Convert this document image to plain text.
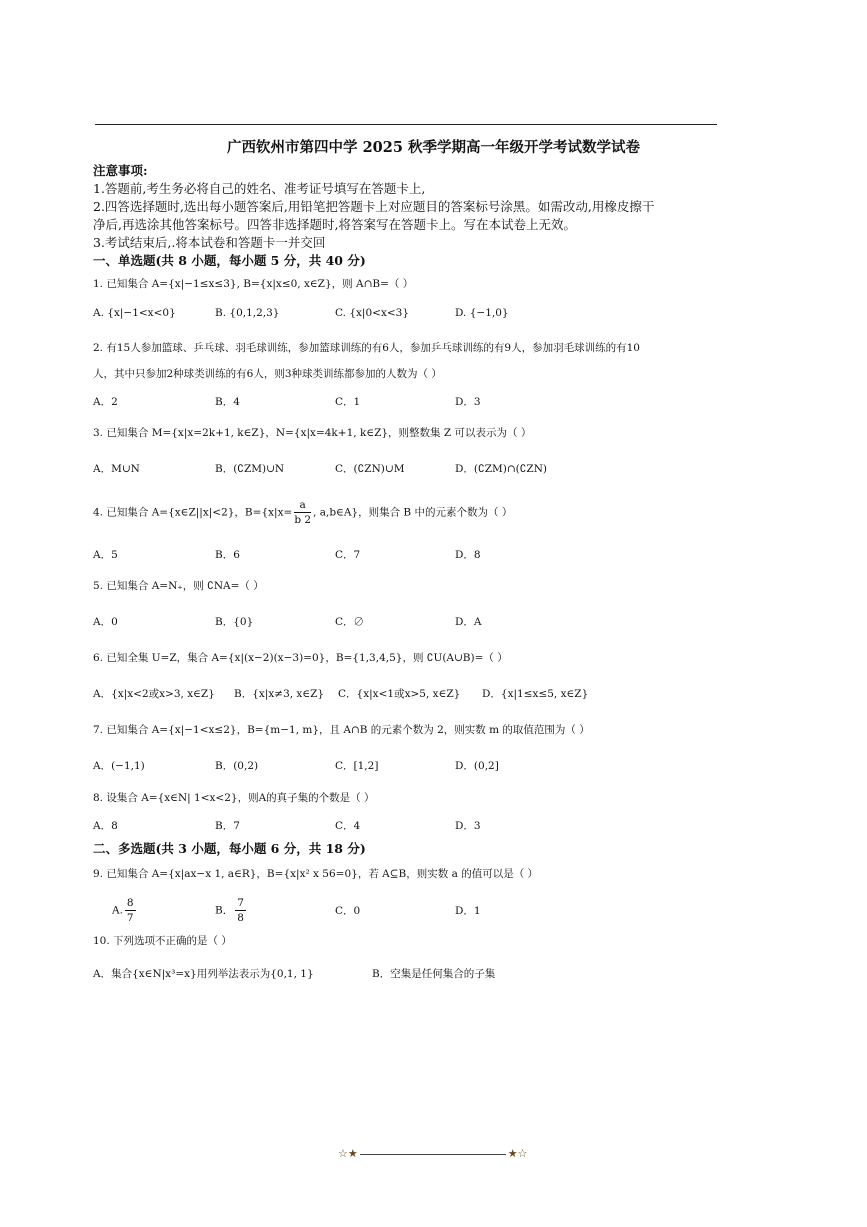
广西钦州市第四中学 2025 秋季学期高一年级开学考试数学试卷
注意事项:
1.答题前,考生务必将自己的姓名、准考证号填写在答题卡上,
2.四答选择题时,选出每小题答案后,用铅笔把答题卡上对应题目的答案标号涂黑。如需改动,用橡皮擦干
净后,再选涂其他答案标号。四答非选择题时,将答案写在答题卡上。写在本试卷上无效。
3.考试结束后,.将本试卷和答题卡一并交回
一、单选题(共 8 小题，每小题 5 分，共 40 分)
1. 已知集合 A={x|−1≤x≤3}, B={x|x≤0, x∈Z}，则 A∩B=（ ）
A. {x|−1<x<0}	B. {0,1,2,3}	C. {x|0<x<3}	D. {−1,0}
2. 有15人参加篮球、乒乓球、羽毛球训练，参加篮球训练的有6人，参加乒乓球训练的有9人，参加羽毛球训练的有10
人，其中只参加2种球类训练的有6人，则3种球类训练都参加的人数为（ ）
A．2	B．4	C．1	D．3
3. 已知集合 M={x|x=2k+1, k∈Z}，N={x|x=4k+1, k∈Z}，则整数集 Z 可以表示为（ ）
A．M∪N	B．(∁ZM)∪N	C．(∁ZN)∪M	D．(∁ZM)∩(∁ZN)
4. 已知集合 A={x∈Z||x|<2}，$B=\{x|x= \frac{a}{b 2}$ , a,b∈A}，则集合 B 中的元素个数为（ ）
A．5	B．6	C．7	D．8
5. 已知集合 A=N₊，则 ∁NA=（ ）
A．0	B．{0}	C．∅	D．A
6. 已知全集 U=Z，集合 A={x|(x−2)(x−3)=0}，B={1,3,4,5}，则 ∁U(A∪B)=（ ）
A．{x|x<2或x>3, x∈Z} B．{x|x≠3, x∈Z} C．{x|x<1或x>5, x∈Z} D．{x|1≤x≤5, x∈Z}
7. 已知集合 A={x|−1<x≤2}，B={m−1, m}，且 A∩B 的元素个数为 2，则实数 m 的取值范围为（ ）
A．(−1,1)	B．(0,2)	C．[1,2]	D．(0,2]
8. 设集合 A={x∈N| 1<x<2}，则A的真子集的个数是（ ）
A．8	B．7	C．4	D．3
二、多选题(共 3 小题，每小题 6 分，共 18 分)
9. 已知集合 A={x|ax−x 1, a∈R}，B={x|x² x 56=0}，若 A⊆B，则实数 a 的值可以是（ ）
A. $\frac{8}{7}$	B． $\frac{7}{8}$	C．0	D．1
10. 下列选项不正确的是（ ）
A．集合{x∈N|x³=x}用列举法表示为{0,1, 1}	B．空集是任何集合的子集
☆★	★☆
